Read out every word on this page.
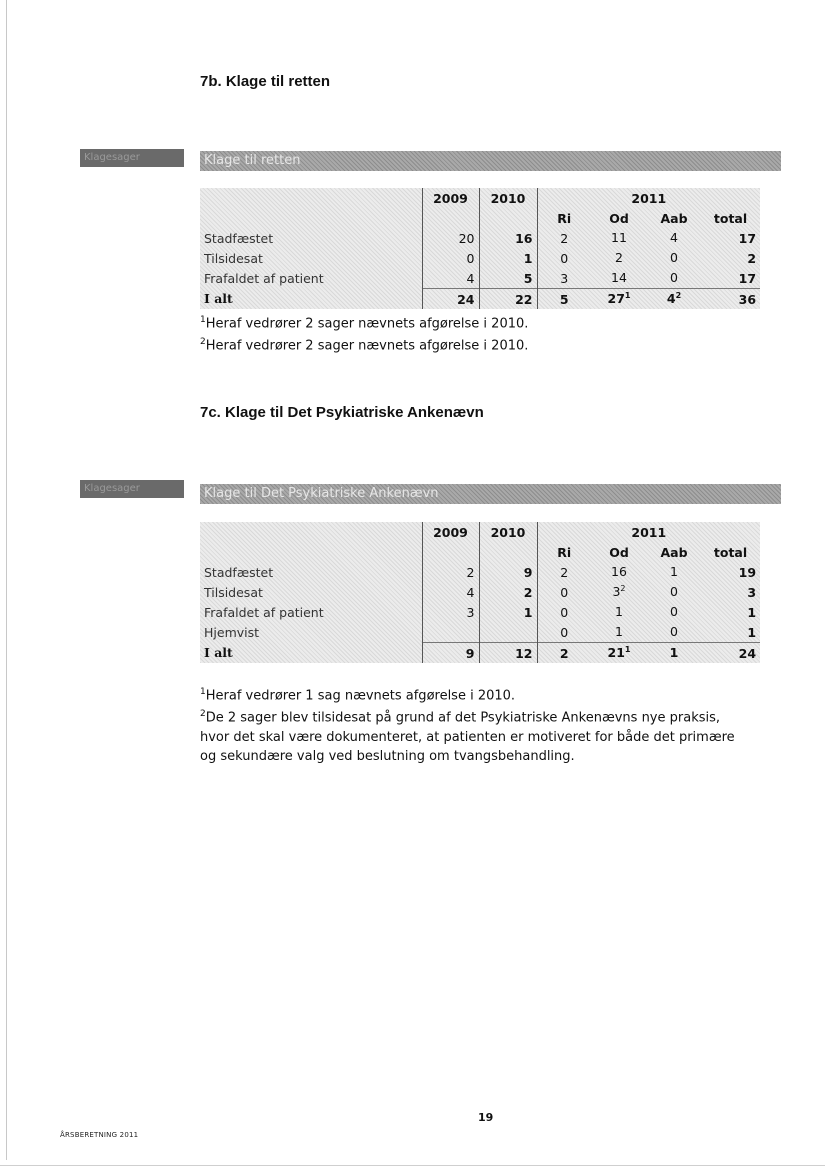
7b. Klage til retten
Klagesager	Klage til retten
	2009	2010	2011			
			Ri	Od	Aab	total
Stadfæstet	20	16	2	11	4	17
Tilsidesat	0	1	0	2	0	2
Frafaldet af patient	4	5	3	14	0	17
I alt	24	22	5	$27^1$	$4^2$	36

$^1$Heraf vedrører 2 sager nævnets afgørelse i 2010.

$^2$Heraf vedrører 2 sager nævnets afgørelse i 2010.

7c. Klage til Det Psykiatriske Ankenævn
Klagesager	Klage til Det Psykiatriske Ankenævn
	2009	2010	2011			
			Ri	Od	Aab	total
Stadfæstet	2	9	2	16	1	19
Tilsidesat	4	2	0	$3^2$	0	3
Frafaldet af patient	3	1	0	1	0	1
Hjemvist			0	1	0	1
I alt	9	12	2	$21^1$	1	24

$^1$Heraf vedrører 1 sag nævnets afgørelse i 2010.

$^2$De 2 sager blev tilsidesat på grund af det Psykiatriske Ankenævns nye praksis, hvor det skal være dokumenteret, at patienten er motiveret for både det primære og sekundære valg ved beslutning om tvangsbehandling.

19
ÅRSBERETNING 2011
